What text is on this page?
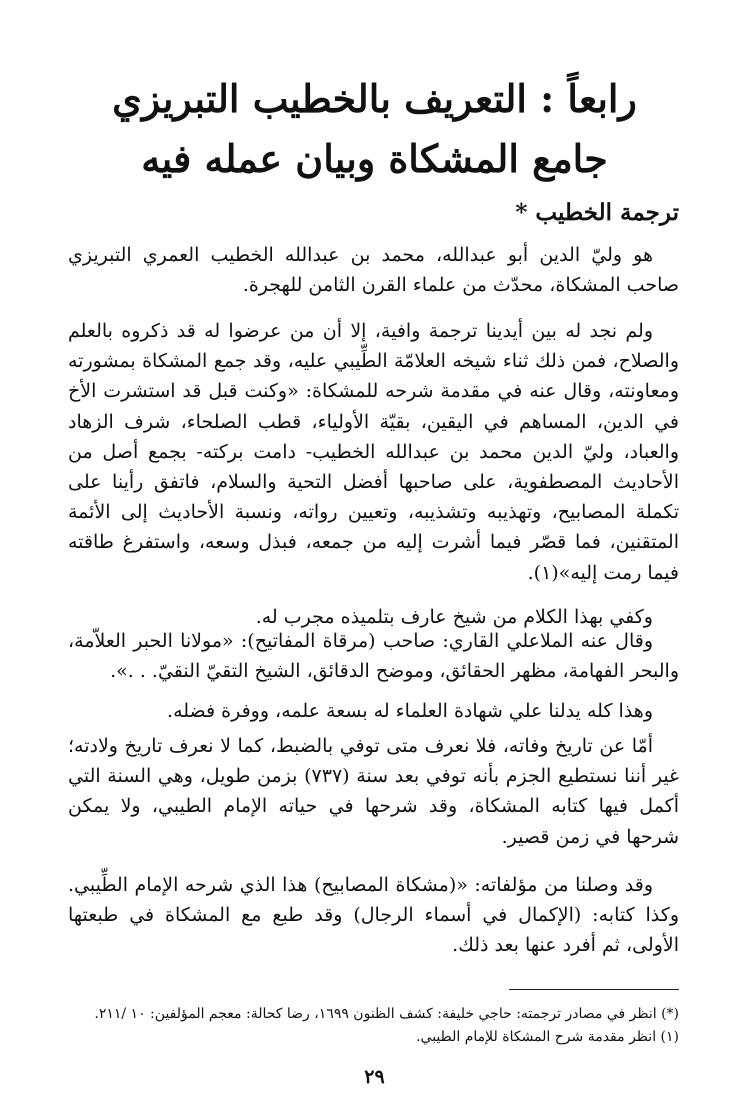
رابعاً : التعريف بالخطيب التبريزي
جامع المشكاة وبيان عمله فيه
ترجمة الخطيب *
هو وليّ الدين أبو عبدالله، محمد بن عبدالله الخطيب العمري التبريزي صاحب المشكاة، محدّث من علماء القرن الثامن للهجرة.
ولم نجد له بين أيدينا ترجمة وافية، إلا أن من عرضوا له قد ذكروه بالعلم والصلاح، فمن ذلك ثناء شيخه العلامّة الطِّيبي عليه، وقد جمع المشكاة بمشورته ومعاونته، وقال عنه في مقدمة شرحه للمشكاة: «وكنت قبل قد استشرت الأخ في الدين، المساهم في اليقين، بقيّة الأولياء، قطب الصلحاء، شرف الزهاد والعباد، وليّ الدين محمد بن عبدالله الخطيب- دامت بركته- بجمع أصل من الأحاديث المصطفوية، على صاحبها أفضل التحية والسلام، فاتفق رأينا على تكملة المصابيح، وتهذيبه وتشذيبه، وتعيين رواته، ونسبة الأحاديث إلى الأئمة المتقنين، فما قصّر فيما أشرت إليه من جمعه، فبذل وسعه، واستفرغ طاقته فيما رمت إليه»(١).
وكفي بهذا الكلام من شيخ عارف بتلميذه مجرب له.
وقال عنه الملاعلي القاري: صاحب (مرقاة المفاتيح): «مولانا الحبر العلاّمة، والبحر الفهامة، مظهر الحقائق، وموضح الدقائق، الشيخ التقيّ النقيّ. . .».
وهذا كله يدلنا علي شهادة العلماء له بسعة علمه، ووفرة فضله.
أمّا عن تاريخ وفاته، فلا نعرف متى توفي بالضبط، كما لا نعرف تاريخ ولادته؛ غير أننا نستطيع الجزم بأنه توفي بعد سنة (٧٣٧) بزمن طويل، وهي السنة التي أكمل فيها كتابه المشكاة، وقد شرحها في حياته الإمام الطيبي، ولا يمكن شرحها في زمن قصير.
وقد وصلنا من مؤلفاته: «(مشكاة المصابيح) هذا الذي شرحه الإمام الطِّيبي. وكذا كتابه: (الإكمال في أسماء الرجال) وقد طبع مع المشكاة في طبعتها الأولى، ثم أفرد عنها بعد ذلك.
(*) انظر في مصادر ترجمته: حاجي خليفة: كشف الظنون ١٦٩٩، رضا كحالة: معجم المؤلفين: ١٠ /٢١١.
(١) انظر مقدمة شرح المشكاة للإمام الطيبي.
٢٩
